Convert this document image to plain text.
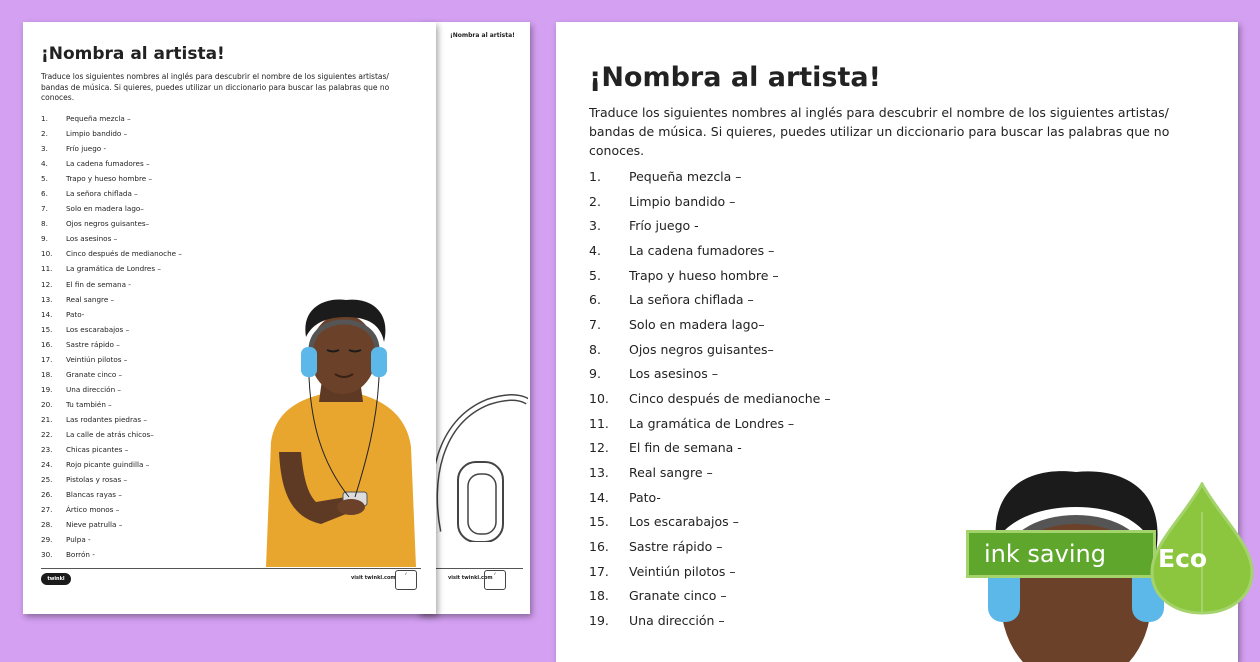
¡Nombra al artista!
visit twinkl.com
✓
¡Nombra al artista!

Traduce los siguientes nombres al inglés para descubrir el nombre de los siguientes artistas/ bandas de música. Si quieres, puedes utilizar un diccionario para buscar las palabras que no conoces.

1.	Pequeña mezcla –
2.	Limpio bandido –
3.	Frío juego -
4.	La cadena fumadores –
5.	Trapo y hueso hombre –
6.	La señora chiflada –
7.	Solo en madera lago–
8.	Ojos negros guisantes–
9.	Los asesinos –
10. Cinco después de medianoche –
11. La gramática de Londres –
12. El fin de semana -
13. Real sangre –
14. Pato-
15. Los escarabajos –
16. Sastre rápido –
17. Veintiún pilotos –
18. Granate cinco –
19. Una dirección –
20. Tu también –
21. Las rodantes piedras –
22. La calle de atrás chicos–
23. Chicas picantes –
24. Rojo picante guindilla –
25. Pistolas y rosas –
26. Blancas rayas –
27. Ártico monos –
28. Nieve patrulla –
29. Pulpa -
30. Borrón -
twinkl	visit twinkl.com
✓
¡Nombra al artista!

Traduce los siguientes nombres al inglés para descubrir el nombre de los siguientes artistas/ bandas de música. Si quieres, puedes utilizar un diccionario para buscar las palabras que no conoces.

1. Pequeña mezcla –
2. Limpio bandido –
3. Frío juego -
4. La cadena fumadores –
5. Trapo y hueso hombre –
6. La señora chiflada –
7. Solo en madera lago–
8. Ojos negros guisantes–
9. Los asesinos –
10. Cinco después de medianoche –
11. La gramática de Londres –
12. El fin de semana -
13. Real sangre –
14. Pato-
15. Los escarabajos –
16. Sastre rápido –
17. Veintiún pilotos –
18. Granate cinco –
19. Una dirección –
ink saving Eco
